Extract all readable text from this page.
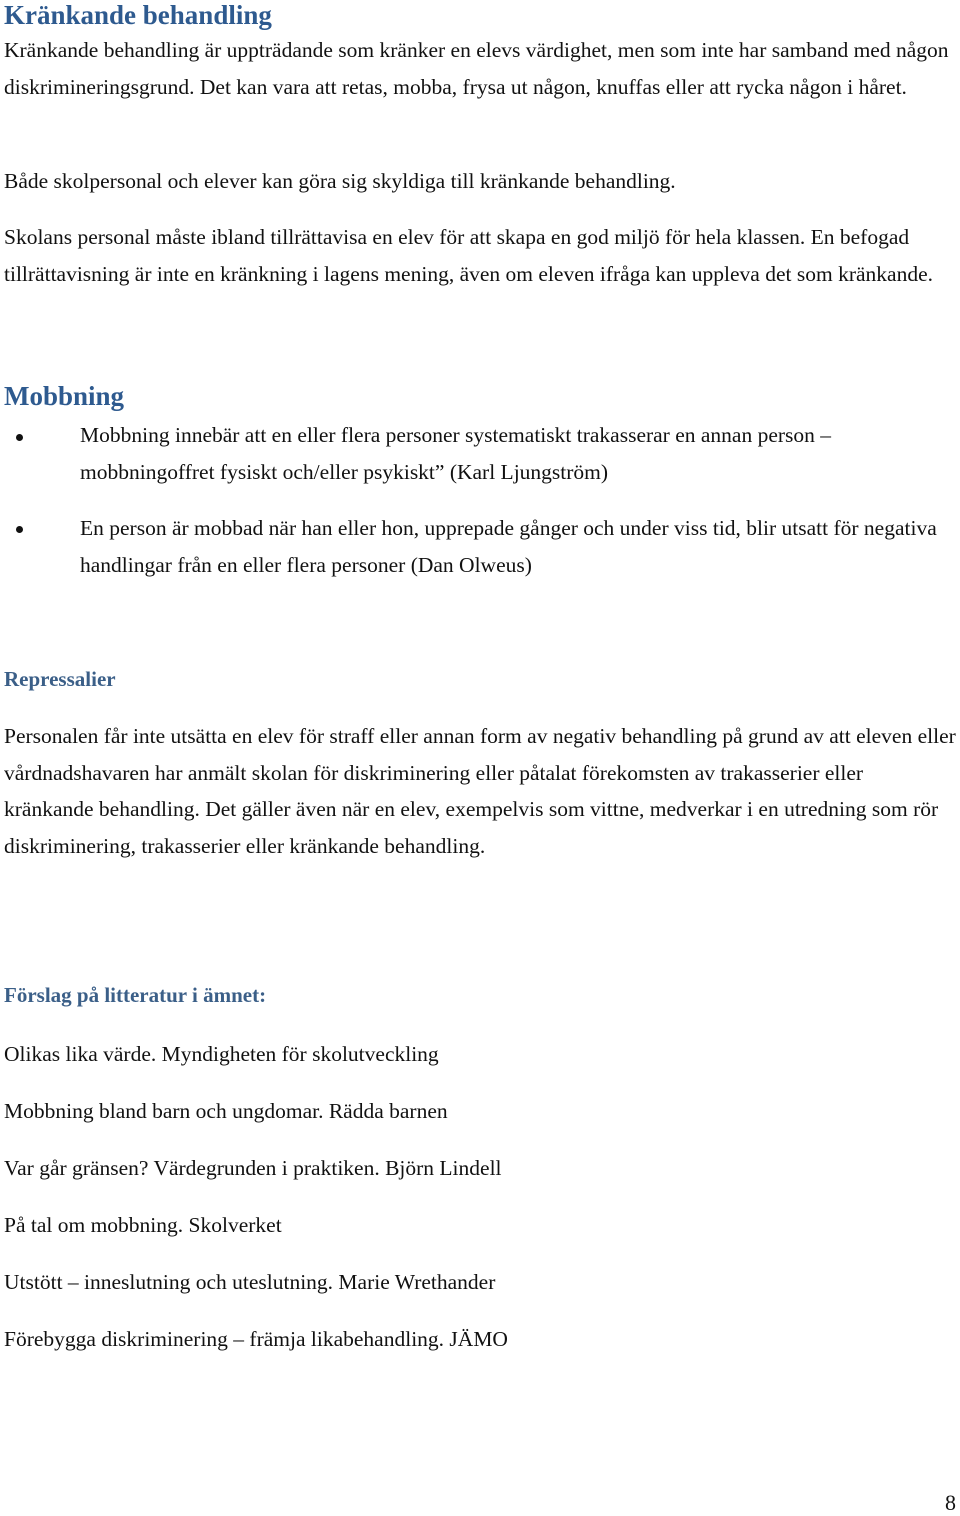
Kränkande behandling

Kränkande behandling är uppträdande som kränker en elevs värdighet, men som inte har samband med någon diskrimineringsgrund. Det kan vara att retas, mobba, frysa ut någon, knuffas eller att rycka någon i håret.

Både skolpersonal och elever kan göra sig skyldiga till kränkande behandling.

Skolans personal måste ibland tillrättavisa en elev för att skapa en god miljö för hela klassen. En befogad tillrättavisning är inte en kränkning i lagens mening, även om eleven ifråga kan uppleva det som kränkande.

Mobbning

Mobbning innebär att en eller flera personer systematiskt trakasserar en annan person – mobbningoffret fysiskt och/eller psykiskt” (Karl Ljungström)

En person är mobbad när han eller hon, upprepade gånger och under viss tid, blir utsatt för negativa handlingar från en eller flera personer (Dan Olweus)

Repressalier

Personalen får inte utsätta en elev för straff eller annan form av negativ behandling på grund av att eleven eller vårdnadshavaren har anmält skolan för diskriminering eller påtalat förekomsten av trakasserier eller kränkande behandling. Det gäller även när en elev, exempelvis som vittne, medverkar i en utredning som rör diskriminering, trakasserier eller kränkande behandling.

Förslag på litteratur i ämnet:

Olikas lika värde. Myndigheten för skolutveckling

Mobbning bland barn och ungdomar. Rädda barnen

Var går gränsen? Värdegrunden i praktiken. Björn Lindell

På tal om mobbning. Skolverket

Utstött – inneslutning och uteslutning. Marie Wrethander

Förebygga diskriminering – främja likabehandling. JÄMO

8
